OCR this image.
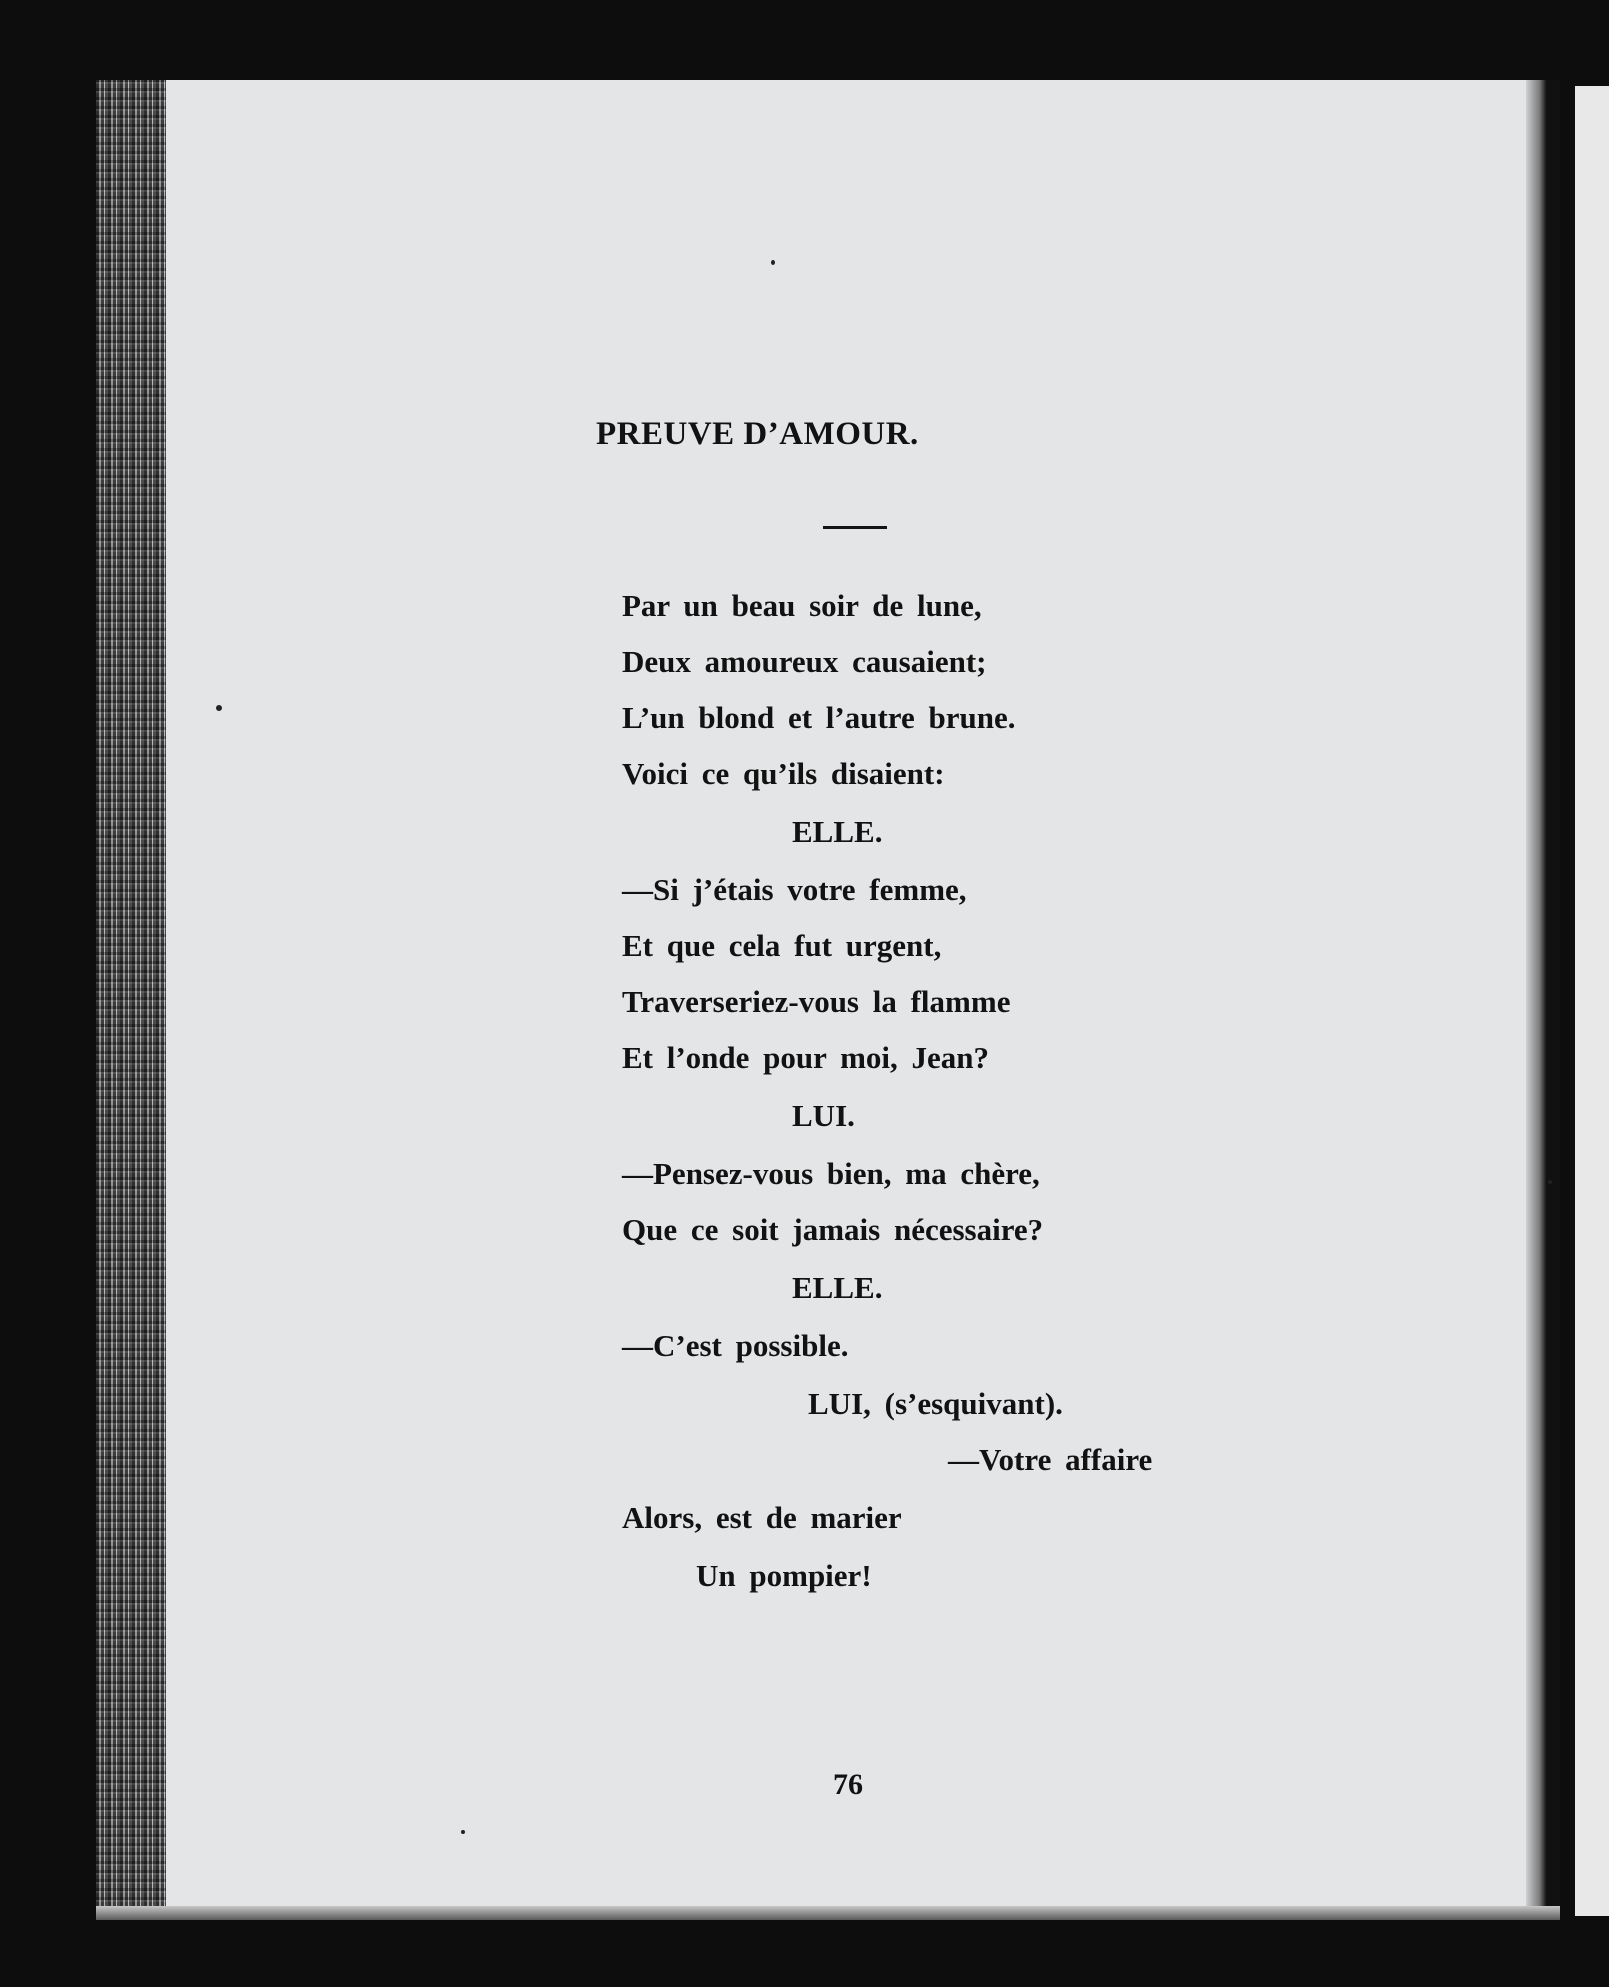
PREUVE D’AMOUR.
Par un beau soir de lune,
Deux amoureux causaient;
L’un blond et l’autre brune.
Voici ce qu’ils disaient:
ELLE.
—Si j’étais votre femme,
Et que cela fut urgent,
Traverseriez-vous la flamme
Et l’onde pour moi, Jean?
LUI.
—Pensez-vous bien, ma chère,
Que ce soit jamais nécessaire?
ELLE.
—C’est possible.
LUI, (s’esquivant).
—Votre affaire
Alors, est de marier
Un pompier!
76
